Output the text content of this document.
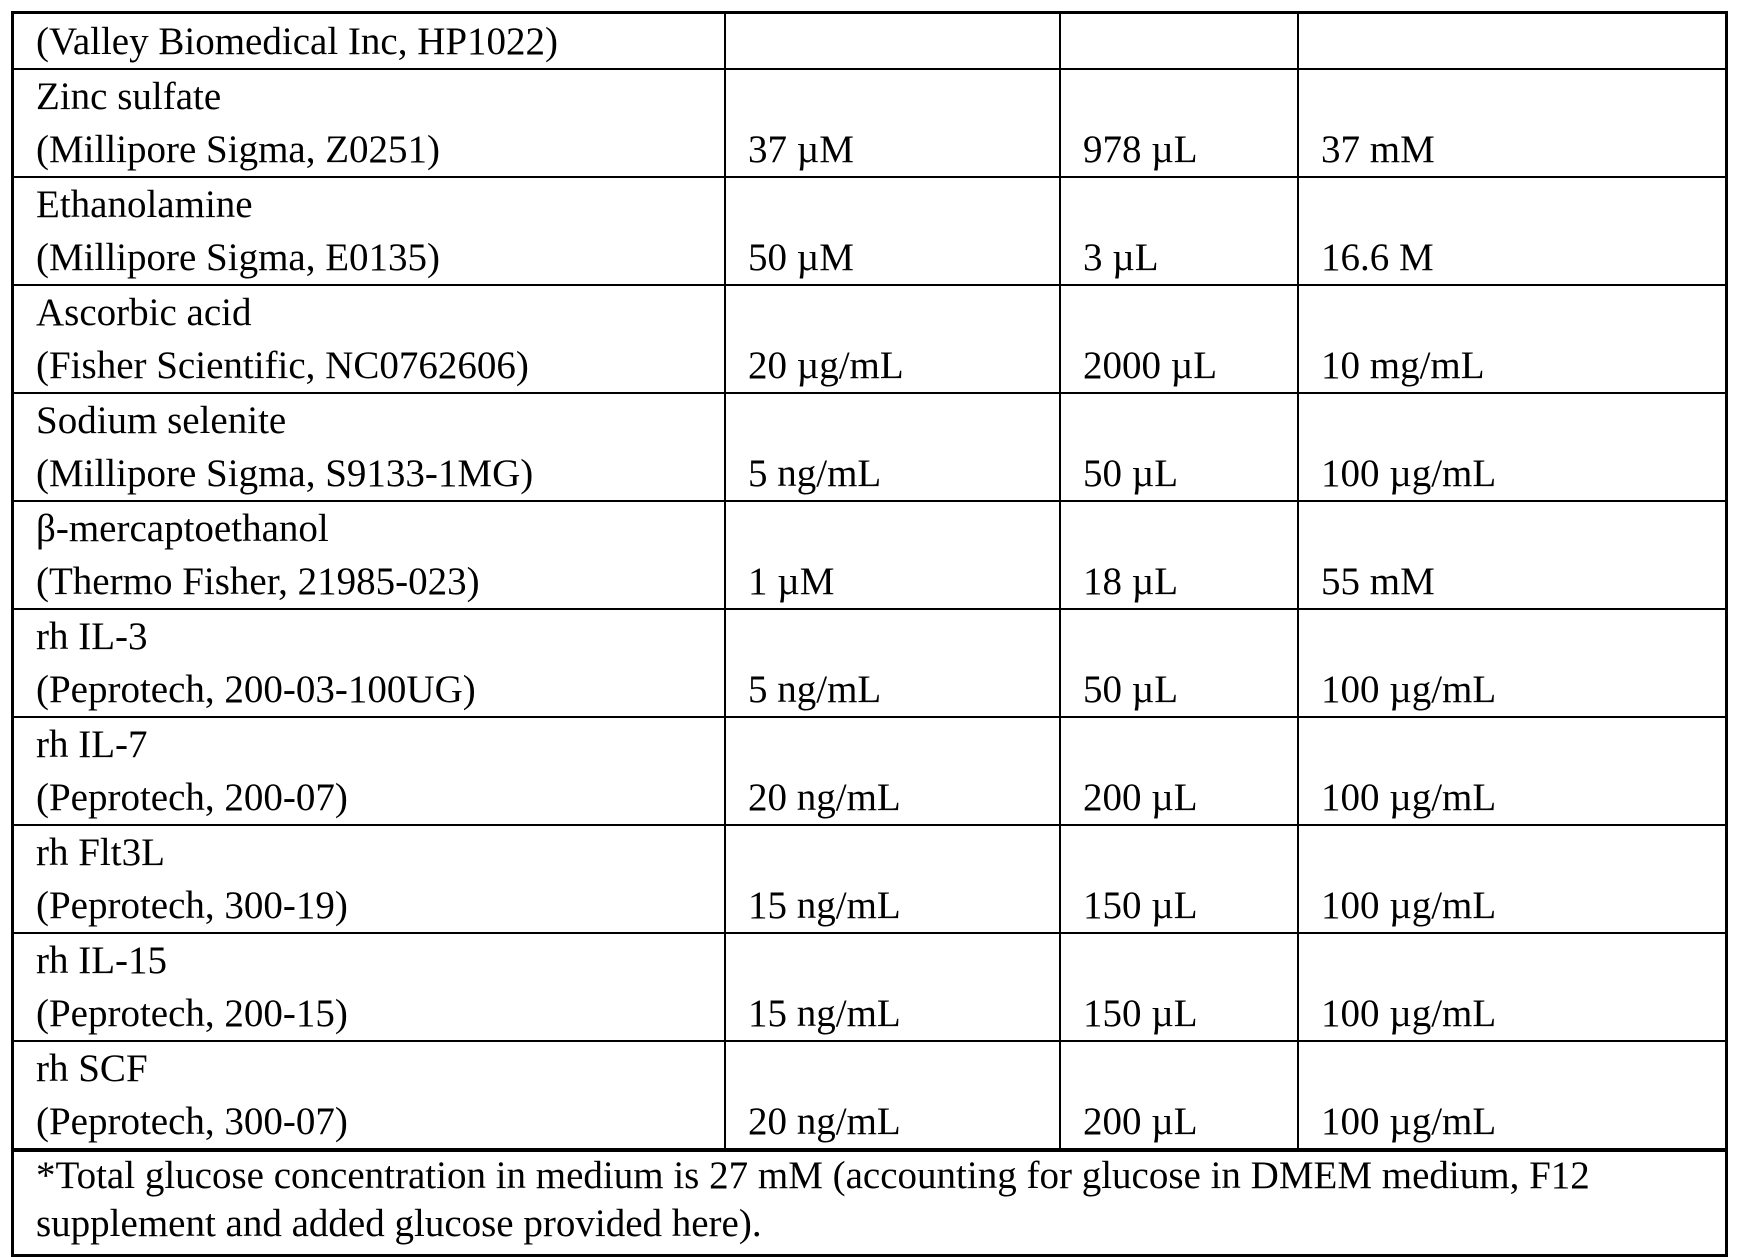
(Valley Biomedical Inc, HP1022)			

Zinc sulfate
(Millipore Sigma, Z0251)	37 µM	978 µL	37 mM

Ethanolamine
(Millipore Sigma, E0135)	50 µM	3 µL	16.6 M

Ascorbic acid
(Fisher Scientific, NC0762606)	20 µg/mL	2000 µL	10 mg/mL

Sodium selenite
(Millipore Sigma, S9133-1MG)	5 ng/mL	50 µL	100 µg/mL

β-mercaptoethanol
(Thermo Fisher, 21985-023)	1 µM	18 µL	55 mM

rh IL-3
(Peprotech, 200-03-100UG)	5 ng/mL	50 µL	100 µg/mL

rh IL-7
(Peprotech, 200-07)	20 ng/mL	200 µL	100 µg/mL

rh Flt3L
(Peprotech, 300-19)	15 ng/mL	150 µL	100 µg/mL

rh IL-15
(Peprotech, 200-15)	15 ng/mL	150 µL	100 µg/mL

rh SCF
(Peprotech, 300-07)	20 ng/mL	200 µL	100 µg/mL
*Total glucose concentration in medium is 27 mM (accounting for glucose in DMEM medium, F12 supplement and added glucose provided here).
